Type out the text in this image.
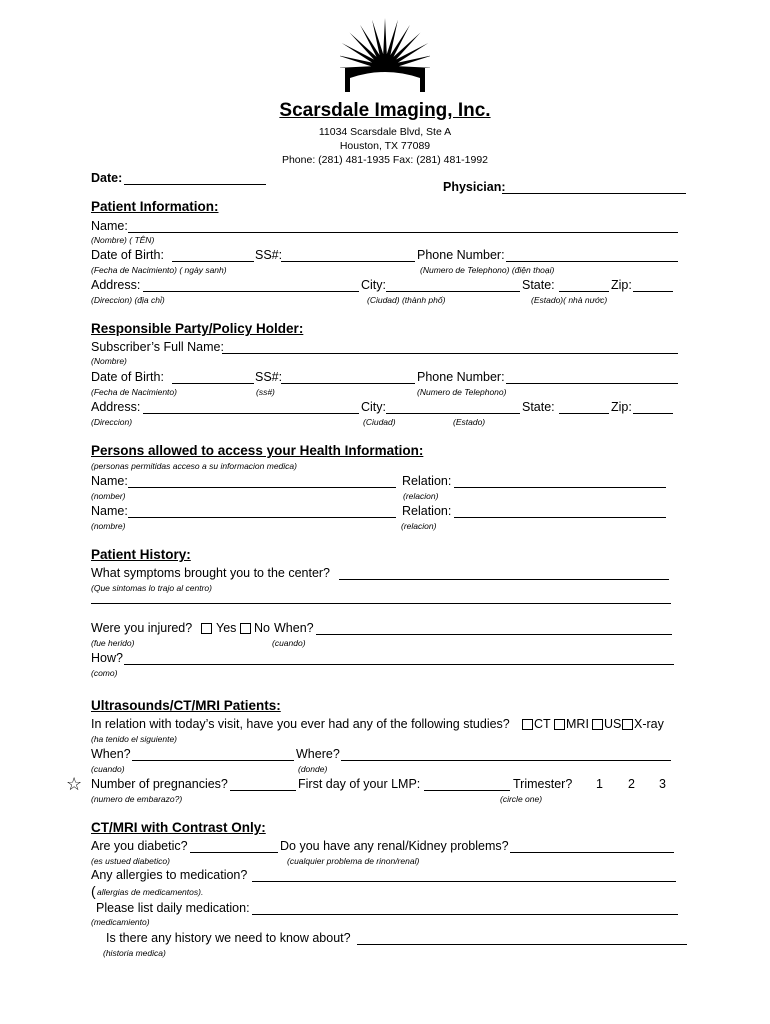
Scarsdale Imaging, Inc.
11034 Scarsdale Blvd, Ste A
Houston, TX 77089
Phone: (281) 481-1935 Fax: (281) 481-1992
Date:
Physician:
Patient Information:
Name:
(Nombre) ( TÊN)
Date of Birth:	SS#:	Phone Number:
(Fecha de Nacimiento) ( ngày sanh)	(Numero de Telephono) (điện thoại)
Address:	City:	State:	Zip:
(Direccion) (địa chỉ)	(Ciudad) (thành phố)	(Estado)( nhà nước)
Responsible Party/Policy Holder:
Subscriber’s Full Name:
(Nombre)
Date of Birth:	SS#:	Phone Number:
(Fecha de Nacimiento)	(ss#)	(Numero de Telephono)
Address:	City:	State:	Zip:
(Direccion)	(Ciudad)	(Estado)
Persons allowed to access your Health Information:
(personas permitidas acceso a su informacion medica)
Name:	Relation:
(nomber)	(relacion)
Name:	Relation:
(nombre)	(relacion)
Patient History:
What symptoms brought you to the center?
(Que sintomas lo trajo al centro)
Were you injured? Yes No When?
(fue herido)	(cuando)
How?
(como)
Ultrasounds/CT/MRI Patients:
In relation with today’s visit, have you ever had any of the following studies? CT MRI US X-ray
(ha tenido el siguiente)
When?	Where?
(cuando)	(donde)
☆ Number of pregnancies?	First day of your LMP:	Trimester? 1 2 3
(numero de embarazo?)	(circle one)
CT/MRI with Contrast Only:
Are you diabetic?	Do you have any renal/Kidney problems?
(es ustued diabetico)	(cualquier problema de rinon/renal)
Any allergies to medication?
( allergias de medicamentos).
Please list daily medication:
(medicamiento)
Is there any history we need to know about?
(historia medica)
